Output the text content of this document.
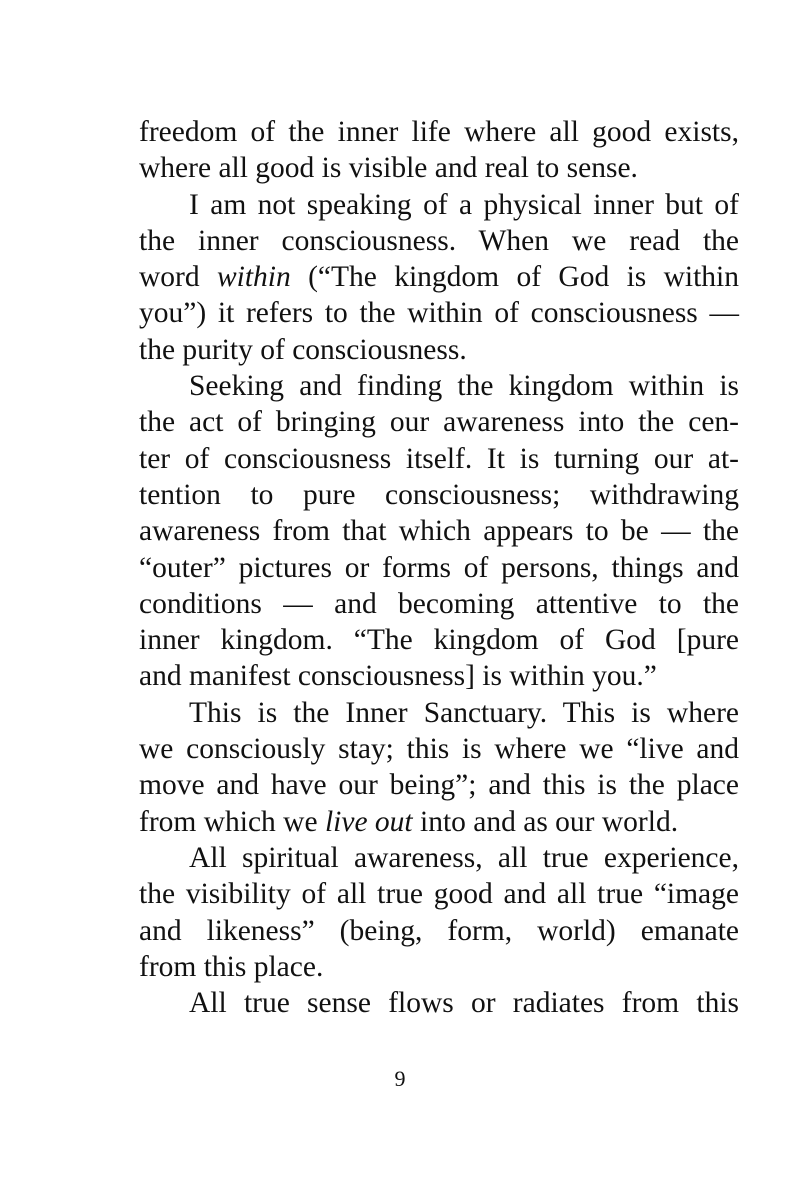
freedom of the inner life where all good exists,
where all good is visible and real to sense.
I am not speaking of a physical inner but of
the inner consciousness. When we read the
word within (“The kingdom of God is within
you”) it refers to the within of consciousness —
the purity of consciousness.
Seeking and finding the kingdom within is
the act of bringing our awareness into the cen-
ter of consciousness itself. It is turning our at-
tention to pure consciousness; withdrawing
awareness from that which appears to be — the
“outer” pictures or forms of persons, things and
conditions — and becoming attentive to the
inner kingdom. “The kingdom of God [pure
and manifest consciousness] is within you.”
This is the Inner Sanctuary. This is where
we consciously stay; this is where we “live and
move and have our being”; and this is the place
from which we live out into and as our world.
All spiritual awareness, all true experience,
the visibility of all true good and all true “image
and likeness” (being, form, world) emanate
from this place.
All true sense flows or radiates from this
9
